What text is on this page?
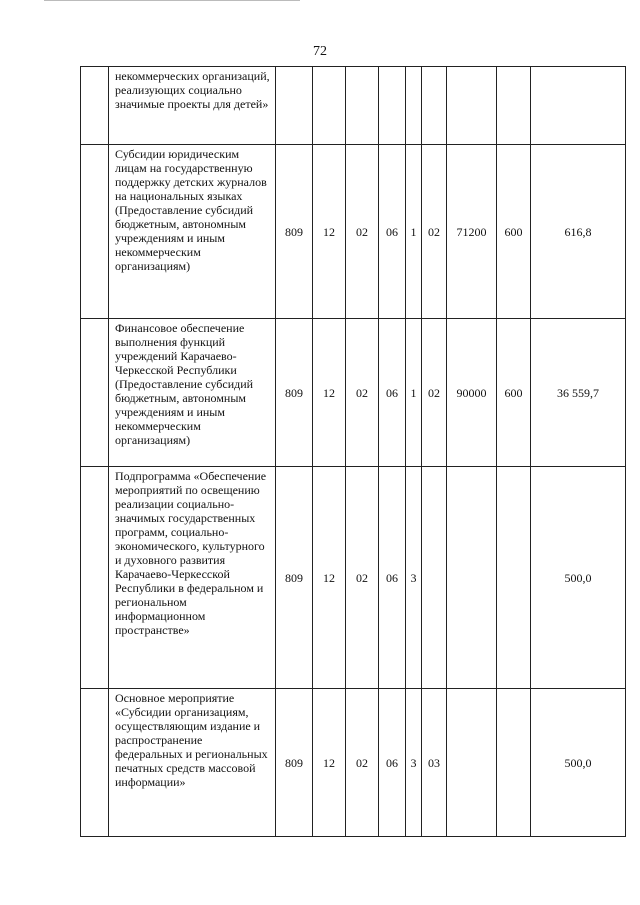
72
	некоммерческих организаций, реализующих социально значимые проекты для детей»									
	Субсидии юридическим лицам на государственную поддержку детских журналов на национальных языках (Предоставление субсидий бюджетным, автономным учреждениям и иным некоммерческим организациям)	809	12	02	06	1	02	71200	600	616,8
	Финансовое обеспечение выполнения функций учреждений Карачаево-Черкесской Республики (Предоставление субсидий бюджетным, автономным учреждениям и иным некоммерческим организациям)	809	12	02	06	1	02	90000	600	36 559,7
	Подпрограмма «Обеспечение мероприятий по освещению реализации социально-значимых государственных программ, социально-экономического, культурного и духовного развития Карачаево-Черкесской Республики в федеральном и региональном информационном пространстве»	809	12	02	06	3				500,0
	Основное мероприятие «Субсидии организациям, осуществляющим издание и распространение федеральных и региональных печатных средств массовой информации»	809	12	02	06	3	03			500,0
